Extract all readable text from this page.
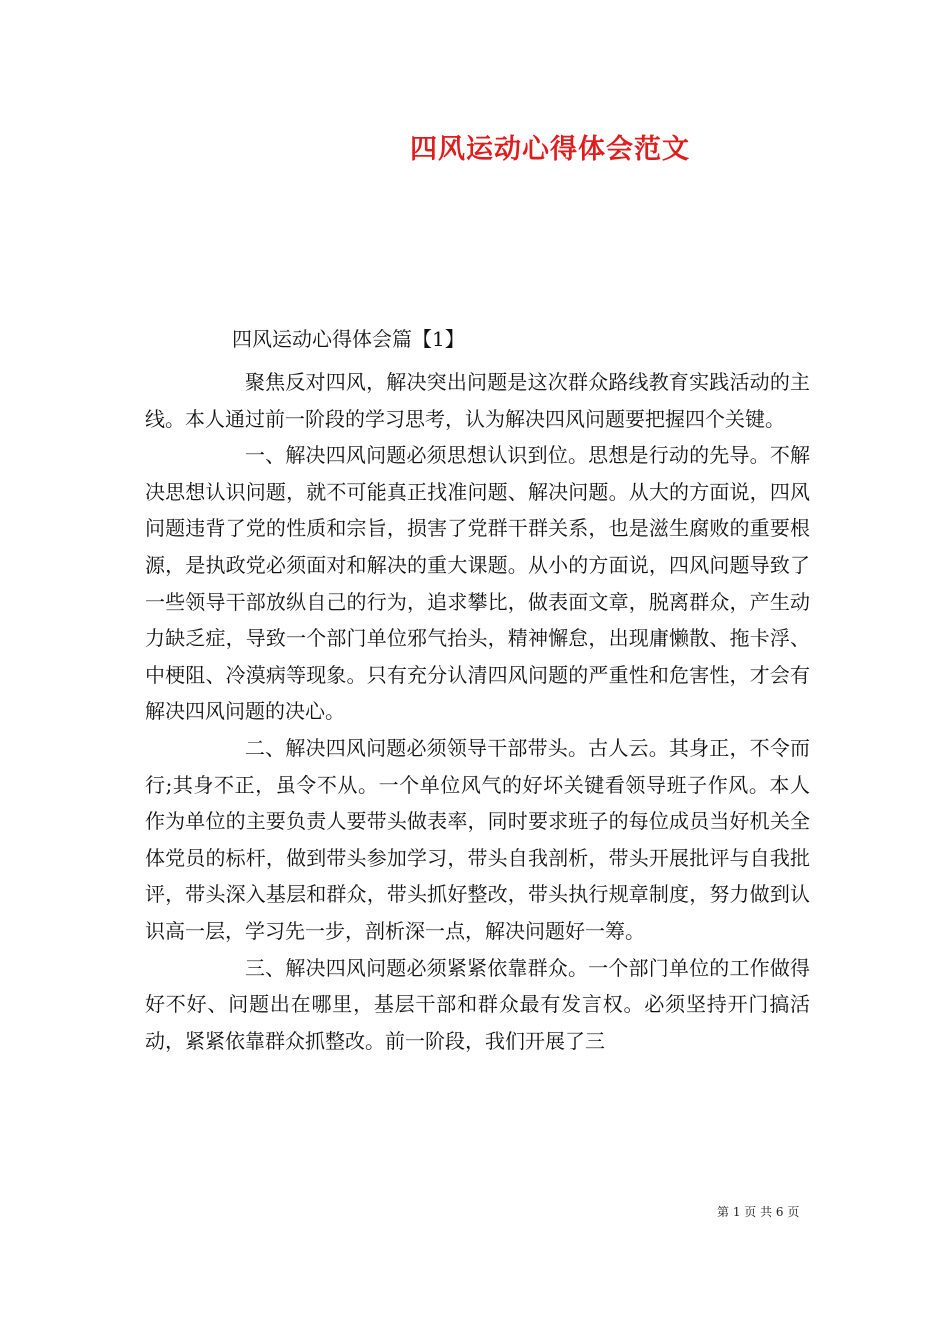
四风运动心得体会范文
四风运动心得体会篇【1】

聚焦反对四风，解决突出问题是这次群众路线教育实践活动的主线。本人通过前一阶段的学习思考，认为解决四风问题要把握四个关键。

一、解决四风问题必须思想认识到位。思想是行动的先导。不解决思想认识问题，就不可能真正找准问题、解决问题。从大的方面说，四风问题违背了党的性质和宗旨，损害了党群干群关系，也是滋生腐败的重要根源，是执政党必须面对和解决的重大课题。从小的方面说，四风问题导致了一些领导干部放纵自己的行为，追求攀比，做表面文章，脱离群众，产生动力缺乏症，导致一个部门单位邪气抬头，精神懈怠，出现庸懒散、拖卡浮、中梗阻、冷漠病等现象。只有充分认清四风问题的严重性和危害性，才会有解决四风问题的决心。

二、解决四风问题必须领导干部带头。古人云。其身正，不令而行;其身不正，虽令不从。一个单位风气的好坏关键看领导班子作风。本人作为单位的主要负责人要带头做表率，同时要求班子的每位成员当好机关全体党员的标杆，做到带头参加学习，带头自我剖析，带头开展批评与自我批评，带头深入基层和群众，带头抓好整改，带头执行规章制度，努力做到认识高一层，学习先一步，剖析深一点，解决问题好一筹。

三、解决四风问题必须紧紧依靠群众。一个部门单位的工作做得好不好、问题出在哪里，基层干部和群众最有发言权。必须坚持开门搞活动，紧紧依靠群众抓整改。前一阶段，我们开展了三

第 1 页 共 6 页
